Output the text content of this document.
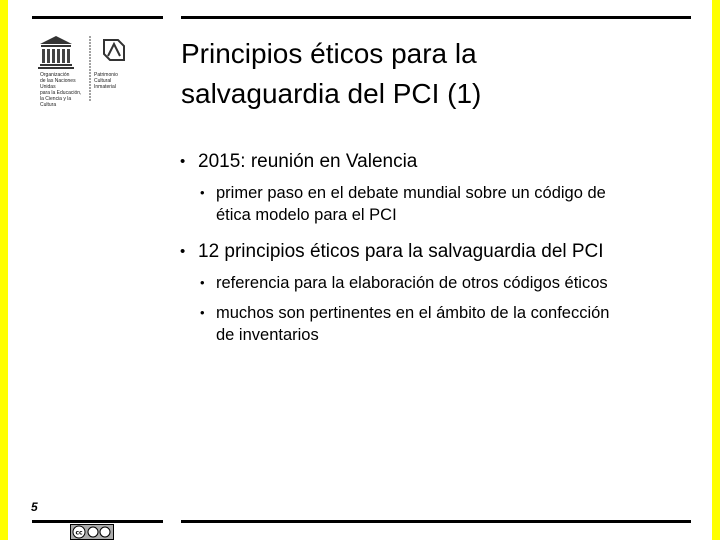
Organización
de las Naciones Unidas
para la Educación,
la Ciencia y la Cultura
Patrimonio
Cultural
Inmaterial
Principios éticos para la
salvaguardia del PCI (1)
• 2015: reunión en Valencia
• primer paso en el debate mundial sobre un código de
ética modelo para el PCI
• 12 principios éticos para la salvaguardia del PCI
• referencia para la elaboración de otros códigos éticos
• muchos son pertinentes en el ámbito de la confección
de inventarios
5
cc
